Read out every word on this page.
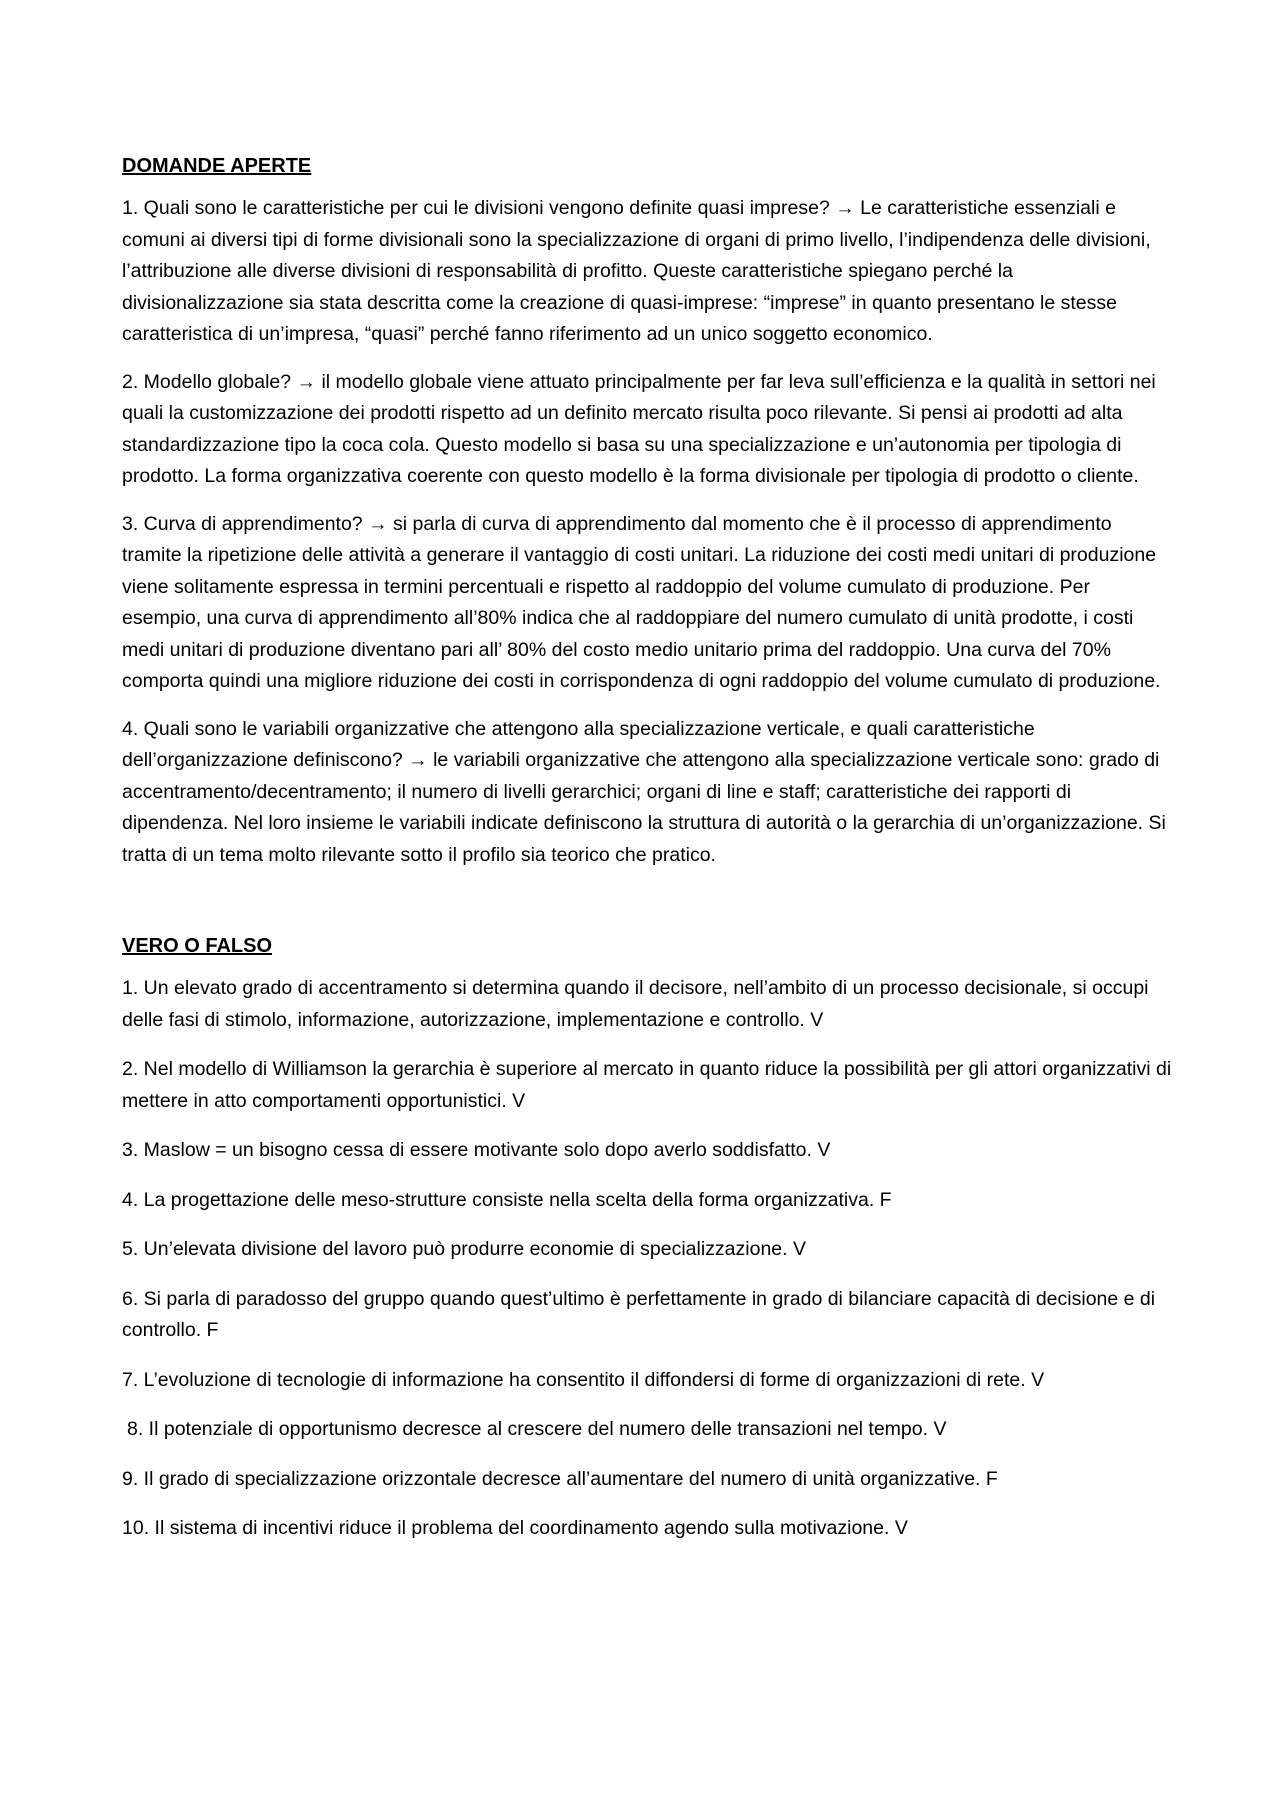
DOMANDE APERTE

1. Quali sono le caratteristiche per cui le divisioni vengono definite quasi imprese? → Le caratteristiche essenziali e comuni ai diversi tipi di forme divisionali sono la specializzazione di organi di primo livello, l’indipendenza delle divisioni, l’attribuzione alle diverse divisioni di responsabilità di profitto. Queste caratteristiche spiegano perché la divisionalizzazione sia stata descritta come la creazione di quasi-imprese: “imprese” in quanto presentano le stesse caratteristica di un’impresa, “quasi” perché fanno riferimento ad un unico soggetto economico.

2. Modello globale? → il modello globale viene attuato principalmente per far leva sull’efficienza e la qualità in settori nei quali la customizzazione dei prodotti rispetto ad un definito mercato risulta poco rilevante. Si pensi ai prodotti ad alta standardizzazione tipo la coca cola. Questo modello si basa su una specializzazione e un’autonomia per tipologia di prodotto. La forma organizzativa coerente con questo modello è la forma divisionale per tipologia di prodotto o cliente.

3. Curva di apprendimento? → si parla di curva di apprendimento dal momento che è il processo di apprendimento tramite la ripetizione delle attività a generare il vantaggio di costi unitari. La riduzione dei costi medi unitari di produzione viene solitamente espressa in termini percentuali e rispetto al raddoppio del volume cumulato di produzione. Per esempio, una curva di apprendimento all’80% indica che al raddoppiare del numero cumulato di unità prodotte, i costi medi unitari di produzione diventano pari all’ 80% del costo medio unitario prima del raddoppio. Una curva del 70% comporta quindi una migliore riduzione dei costi in corrispondenza di ogni raddoppio del volume cumulato di produzione.

4. Quali sono le variabili organizzative che attengono alla specializzazione verticale, e quali caratteristiche dell’organizzazione definiscono? → le variabili organizzative che attengono alla specializzazione verticale sono: grado di accentramento/decentramento; il numero di livelli gerarchici; organi di line e staff; caratteristiche dei rapporti di dipendenza. Nel loro insieme le variabili indicate definiscono la struttura di autorità o la gerarchia di un’organizzazione. Si tratta di un tema molto rilevante sotto il profilo sia teorico che pratico.

VERO O FALSO

1. Un elevato grado di accentramento si determina quando il decisore, nell’ambito di un processo decisionale, si occupi delle fasi di stimolo, informazione, autorizzazione, implementazione e controllo. V

2. Nel modello di Williamson la gerarchia è superiore al mercato in quanto riduce la possibilità per gli attori organizzativi di mettere in atto comportamenti opportunistici. V

3. Maslow = un bisogno cessa di essere motivante solo dopo averlo soddisfatto. V

4. La progettazione delle meso-strutture consiste nella scelta della forma organizzativa. F

5. Un’elevata divisione del lavoro può produrre economie di specializzazione. V

6. Si parla di paradosso del gruppo quando quest’ultimo è perfettamente in grado di bilanciare capacità di decisione e di controllo. F

7. L’evoluzione di tecnologie di informazione ha consentito il diffondersi di forme di organizzazioni di rete. V

8. Il potenziale di opportunismo decresce al crescere del numero delle transazioni nel tempo. V

9. Il grado di specializzazione orizzontale decresce all’aumentare del numero di unità organizzative. F

10. Il sistema di incentivi riduce il problema del coordinamento agendo sulla motivazione. V
